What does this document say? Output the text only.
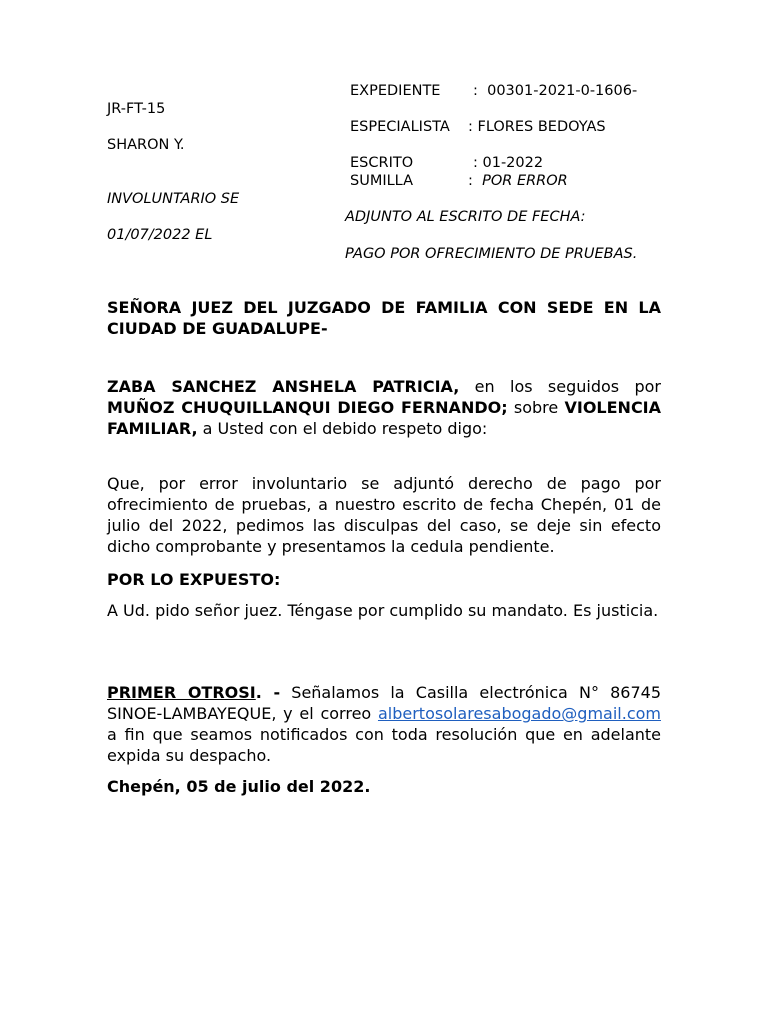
EXPEDIENTE : 00301-2021-0-1606-
JR-FT-15
ESPECIALISTA : FLORES BEDOYAS
SHARON Y.
ESCRITO	: 01-2022
SUMILLA	: POR ERROR
INVOLUNTARIO SE
ADJUNTO AL ESCRITO DE FECHA:
01/07/2022 EL
PAGO POR OFRECIMIENTO DE PRUEBAS.
SEÑORA JUEZ DEL JUZGADO DE FAMILIA CON SEDE EN LA CIUDAD DE GUADALUPE-
ZABA SANCHEZ ANSHELA PATRICIA, en los seguidos por MUÑOZ CHUQUILLANQUI DIEGO FERNANDO; sobre VIOLENCIA FAMILIAR, a Usted con el debido respeto digo:
Que, por error involuntario se adjuntó derecho de pago por ofrecimiento de pruebas, a nuestro escrito de fecha Chepén, 01 de julio del 2022, pedimos las disculpas del caso, se deje sin efecto dicho comprobante y presentamos la cedula pendiente.
POR LO EXPUESTO:
A Ud. pido señor juez. Téngase por cumplido su mandato. Es justicia.
PRIMER OTROSI. - Señalamos la Casilla electrónica N° 86745 SINOE-LAMBAYEQUE, y el correo albertosolaresabogado@gmail.com a fin que seamos notificados con toda resolución que en adelante expida su despacho.
Chepén, 05 de julio del 2022.
